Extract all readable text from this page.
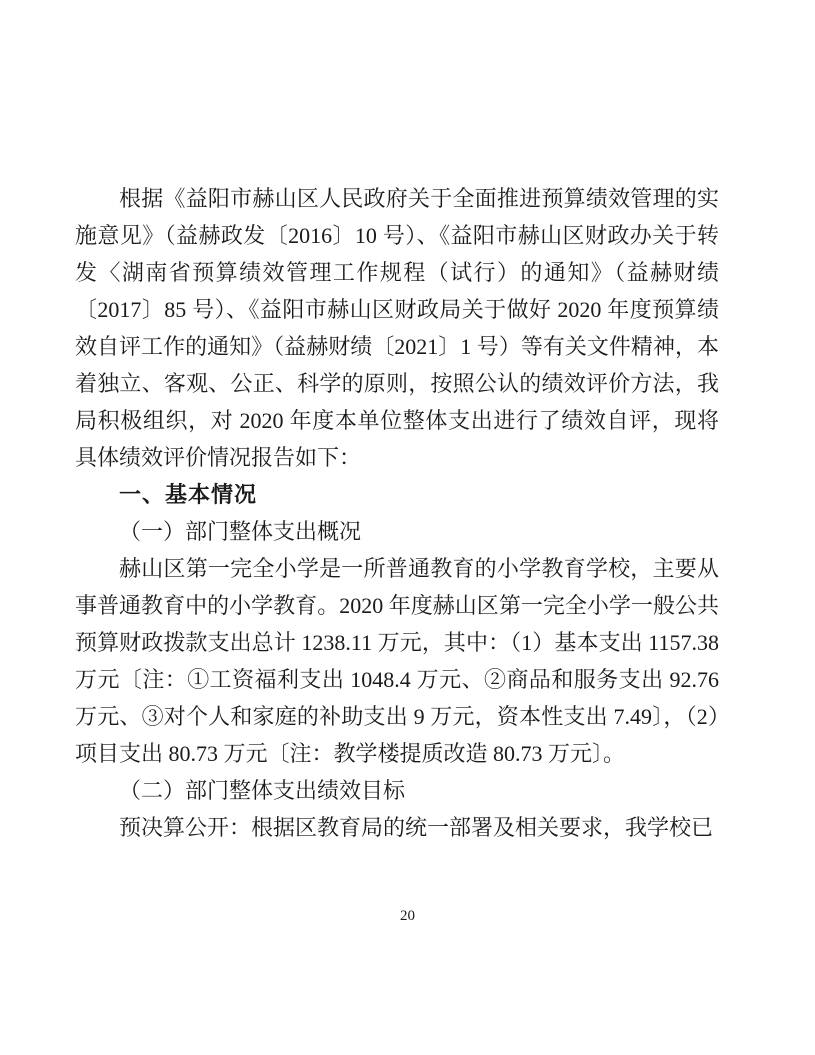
根据《益阳市赫山区人民政府关于全面推进预算绩效管理的实施意见》（益赫政发〔2016〕10 号）、《益阳市赫山区财政办关于转发〈湖南省预算绩效管理工作规程（试行）的通知》（益赫财绩〔2017〕85 号）、《益阳市赫山区财政局关于做好 2020 年度预算绩效自评工作的通知》（益赫财绩〔2021〕1 号）等有关文件精神，本着独立、客观、公正、科学的原则，按照公认的绩效评价方法，我局积极组织，对 2020 年度本单位整体支出进行了绩效自评，现将具体绩效评价情况报告如下：

一、基本情况

（一）部门整体支出概况

赫山区第一完全小学是一所普通教育的小学教育学校，主要从事普通教育中的小学教育。2020 年度赫山区第一完全小学一般公共预算财政拨款支出总计 1238.11 万元，其中：（1）基本支出 1157.38 万元〔注：①工资福利支出 1048.4 万元、②商品和服务支出 92.76 万元、③对个人和家庭的补助支出 9 万元，资本性支出 7.49〕，（2）项目支出 80.73 万元〔注：教学楼提质改造 80.73 万元〕。

（二）部门整体支出绩效目标

预决算公开：根据区教育局的统一部署及相关要求，我学校已

20
